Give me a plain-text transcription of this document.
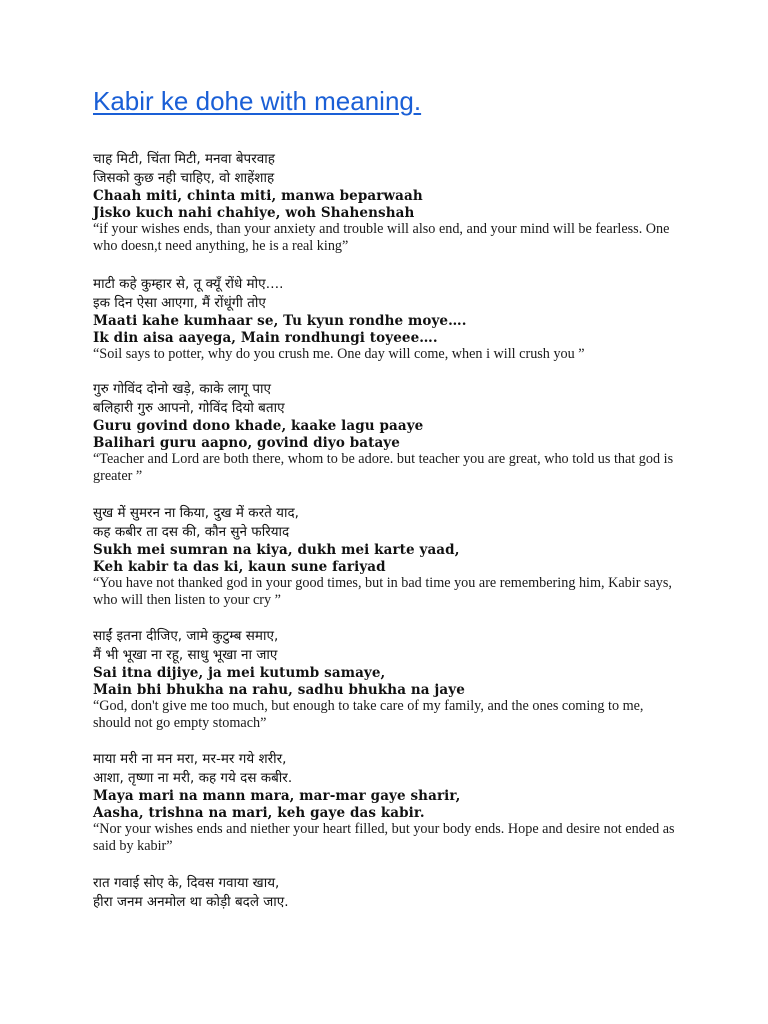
Kabir ke dohe with meaning.
चाह मिटी, चिंता मिटी, मनवा बेपरवाह
जिसको कुछ नही चाहिए, वो शाहेंशाह
Chaah miti, chinta miti, manwa beparwaah
Jisko kuch nahi chahiye, woh Shahenshah
“if your wishes ends, than your anxiety and trouble will also end, and your mind will be fearless. One who doesn,t need anything, he is a real king”
माटी कहे कुम्हार से, तू क्यूँ रोंधे मोए….
इक दिन ऐसा आएगा, मैं रोंधूंगी तोए
Maati kahe kumhaar se, Tu kyun rondhe moye….
Ik din aisa aayega, Main rondhungi toyeee….
“Soil says to potter, why do you crush me. One day will come, when i will crush you ”
गुरु गोविंद दोनो खड़े, काके लागू पाए
बलिहारी गुरु आपनो, गोविंद दियो बताए
Guru govind dono khade, kaake lagu paaye
Balihari guru aapno, govind diyo bataye
“Teacher and Lord are both there, whom to be adore. but teacher you are great, who told us that god is greater ”
सुख मेें सुमरन ना किया, दुख मेें करते याद,
कह कबीर ता दस की, कौन सुने फरियाद
Sukh mei sumran na kiya, dukh mei karte yaad,
Keh kabir ta das ki, kaun sune fariyad
“You have not thanked god in your good times, but in bad time you are remembering him, Kabir says, who will then listen to your cry ”
साईं इतना दीजिए, जामे कुटुम्ब समाए,
मैं भी भूखा ना रहू, साधु भूखा ना जाए
Sai itna dijiye, ja mei kutumb samaye,
Main bhi bhukha na rahu, sadhu bhukha na jaye
“God, don't give me too much, but enough to take care of my family, and the ones coming to me, should not go empty stomach”
माया मरी ना मन मरा, मर-मर गये शरीर,
आशा, तृष्णा ना मरी, कह गये दस कबीर.
Maya mari na mann mara, mar-mar gaye sharir,
Aasha, trishna na mari, keh gaye das kabir.
“Nor your wishes ends and niether your heart filled, but your body ends. Hope and desire not ended as said by kabir”
रात गवाई सोए के, दिवस गवाया खाय,
हीरा जनम अनमोल था कोड़ी बदले जाए.
